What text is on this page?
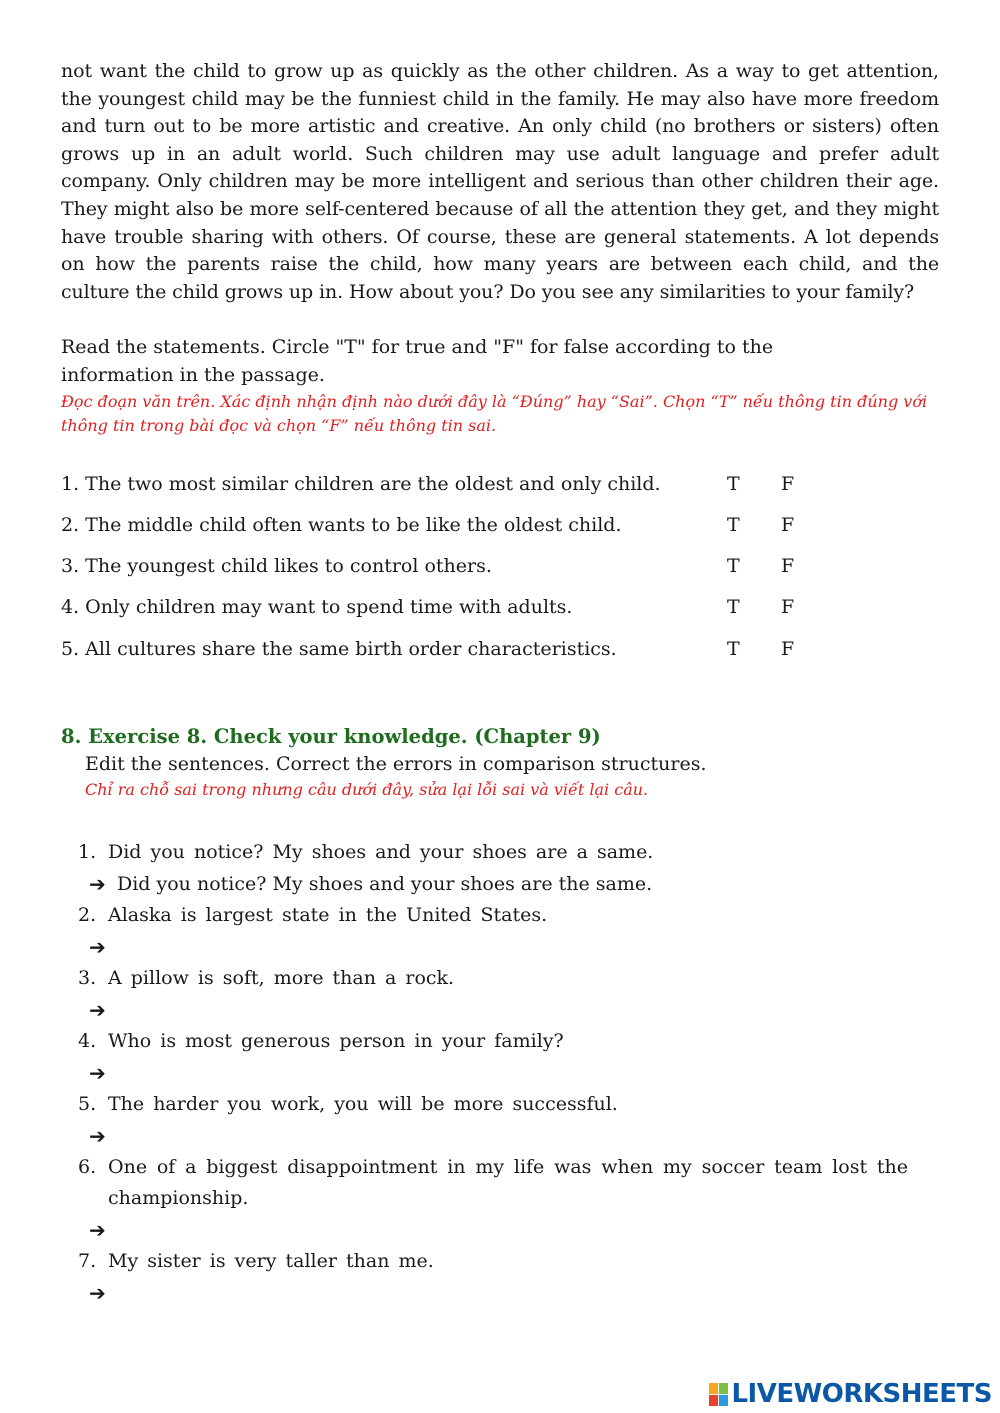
not want the child to grow up as quickly as the other children. As a way to get attention, the youngest child may be the funniest child in the family. He may also have more freedom and turn out to be more artistic and creative. An only child (no brothers or sisters) often grows up in an adult world. Such children may use adult language and prefer adult company. Only children may be more intelligent and serious than other children their age. They might also be more self-centered because of all the attention they get, and they might have trouble sharing with others. Of course, these are general statements. A lot depends on how the parents raise the child, how many years are between each child, and the culture the child grows up in. How about you? Do you see any similarities to your family?

Read the statements. Circle "T" for true and "F" for false according to the information in the passage.

Đọc đoạn văn trên. Xác định nhận định nào dưới đây là “Đúng” hay “Sai”. Chọn “T” nếu thông tin đúng với thông tin trong bài đọc và chọn “F” nếu thông tin sai.

1. The two most similar children are the oldest and only child.	T	F
2. The middle child often wants to be like the oldest child.	T	F
3. The youngest child likes to control others.	T	F
4. Only children may want to spend time with adults.	T	F
5. All cultures share the same birth order characteristics.	T	F
8. Exercise 8. Check your knowledge. (Chapter 9)
Edit the sentences. Correct the errors in comparison structures.
Chỉ ra chỗ sai trong nhưng câu dưới đây, sửa lại lỗi sai và viết lại câu.
1. Did you notice? My shoes and your shoes are a same.
➔
Did you notice? My shoes and your shoes are the same.
2. Alaska is largest state in the United States.
➔
3. A pillow is soft, more than a rock.
➔
4. Who is most generous person in your family?
➔
5. The harder you work, you will be more successful.
➔
6. One of a biggest disappointment in my life was when my soccer team lost the championship.
➔
7. My sister is very taller than me.
➔
LIVEWORKSHEETS
